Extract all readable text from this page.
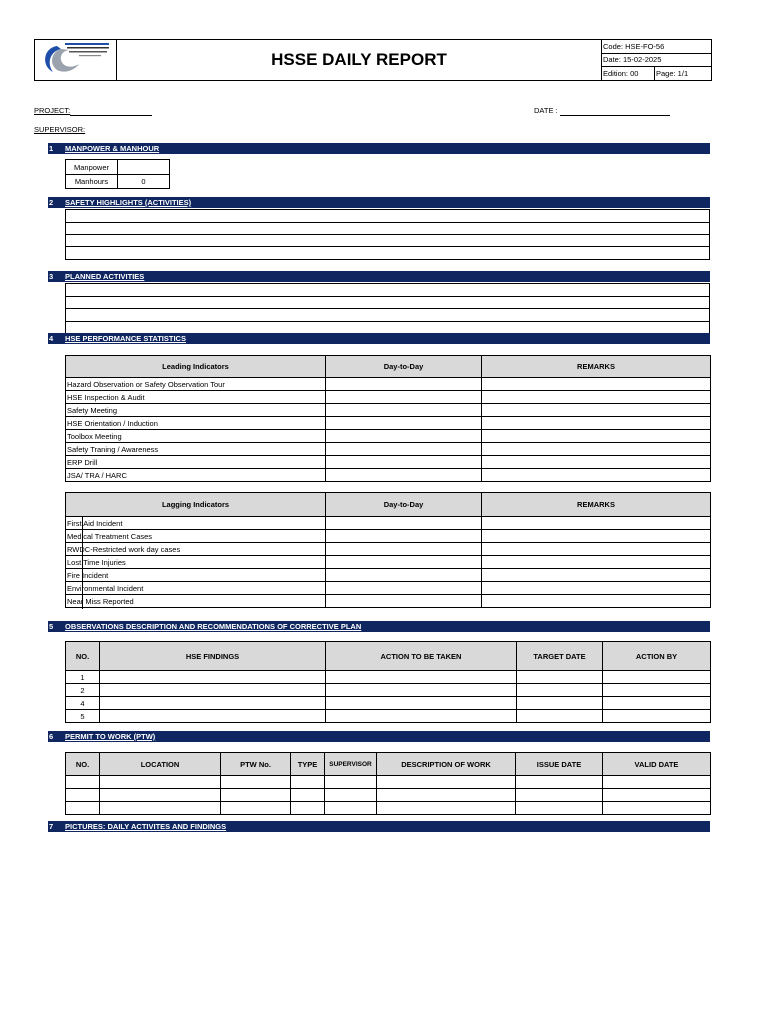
	HSSE DAILY REPORT	Code: HSE-FO-56	
		Date: 15-02-2025	
		Edition: 00	Page: 1/1
PROJECT:	DATE :
SUPERVISOR:
1 MANPOWER & MANHOUR
Manpower	
Manhours	0
2 SAFETY HIGHLIGHTS (ACTIVITIES)

3 PLANNED ACTIVITIES

4 HSE PERFORMANCE STATISTICS
Leading Indicators	Day-to-Day	REMARKS
Hazard Observation or Safety Observation Tour		
HSE Inspection & Audit		
Safety Meeting		
HSE Orientation / Induction		
Toolbox Meeting		
Safety Traning / Awareness		
ERP Drill		
JSA/ TRA / HARC		
Lagging Indicators	Day-to-Day	REMARKS
First Aid Incident		
Medical Treatment Cases		
RWDC-Restricted work day cases		
Lost Time Injuries		
Fire Incident		
Environmental Incident		
Near Miss Reported		
5 OBSERVATIONS DESCRIPTION AND RECOMMENDATIONS OF CORRECTIVE PLAN
NO.	HSE FINDINGS	ACTION TO BE TAKEN	TARGET DATE	ACTION BY
1				
2				
4				
5				
6 PERMIT TO WORK (PTW)
NO.	LOCATION	PTW No.	TYPE	SUPERVISOR	DESCRIPTION OF WORK	ISSUE DATE	VALID DATE

7 PICTURES: DAILY ACTIVITES AND FINDINGS
